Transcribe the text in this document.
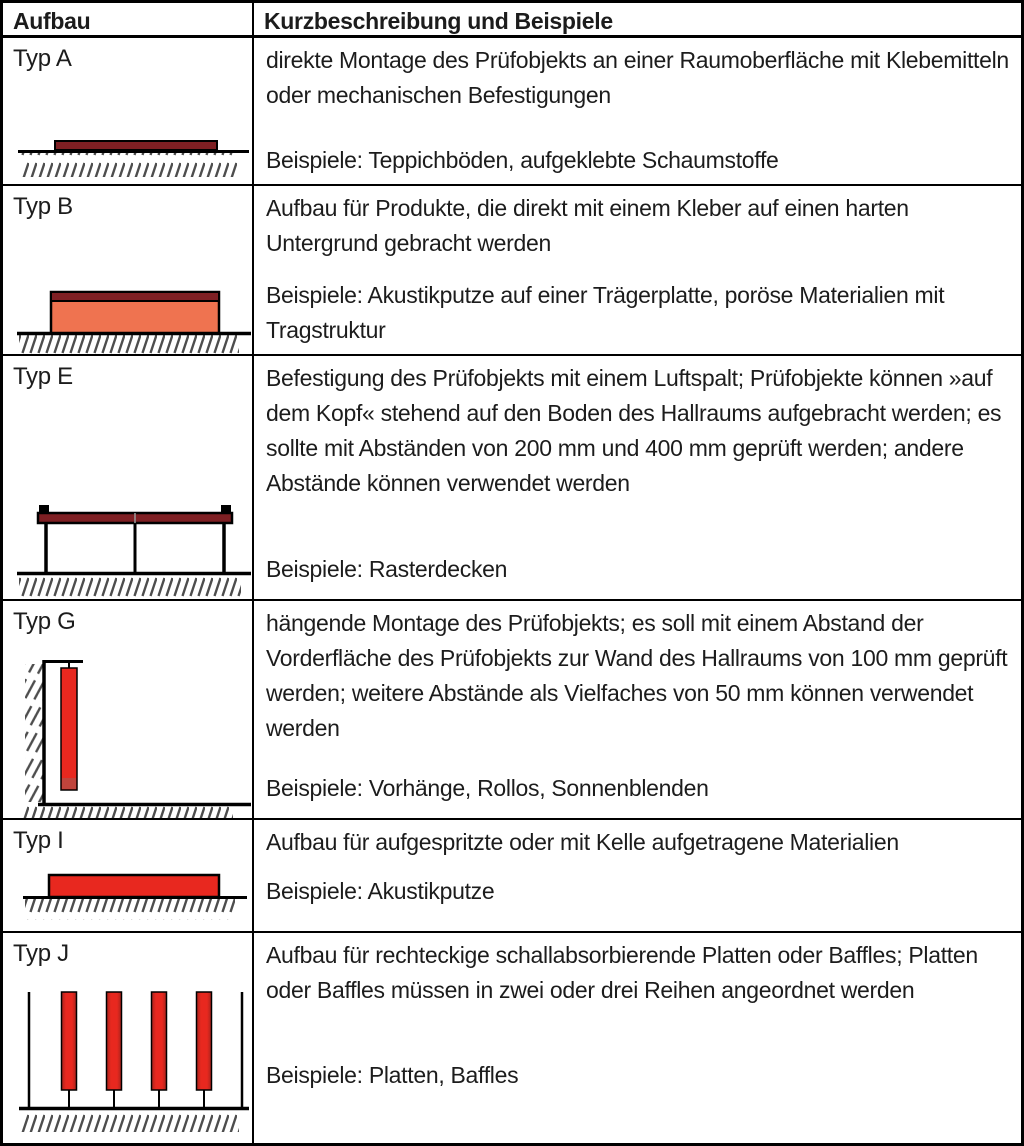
Aufbau	Kurzbeschreibung und Beispiele
Typ A	direkte Montage des Prüfobjekts an einer Raumoberfläche mit Klebemitteln oder mechanischen Befestigungen
Beispiele: Teppichböden, aufgeklebte Schaumstoffe
Typ B	Aufbau für Produkte, die direkt mit einem Kleber auf einen harten Untergrund gebracht werden
Beispiele: Akustikputze auf einer Trägerplatte, poröse Materialien mit Tragstruktur
Typ E	Befestigung des Prüfobjekts mit einem Luftspalt; Prüfobjekte können »auf dem Kopf« stehend auf den Boden des Hallraums aufgebracht werden; es sollte mit Abständen von 200 mm und 400 mm geprüft werden; andere Abstände können verwendet werden
Beispiele: Rasterdecken
Typ G	hängende Montage des Prüfobjekts; es soll mit einem Abstand der Vorderfläche des Prüfobjekts zur Wand des Hallraums von 100 mm geprüft werden; weitere Abstände als Vielfaches von 50 mm können verwendet werden
Beispiele: Vorhänge, Rollos, Sonnenblenden
Typ I	Aufbau für aufgespritzte oder mit Kelle aufgetragene Materialien
Beispiele: Akustikputze
Typ J	Aufbau für rechteckige schallabsorbierende Platten oder Baffles; Platten oder Baffles müssen in zwei oder drei Reihen angeordnet werden
Beispiele: Platten, Baffles
